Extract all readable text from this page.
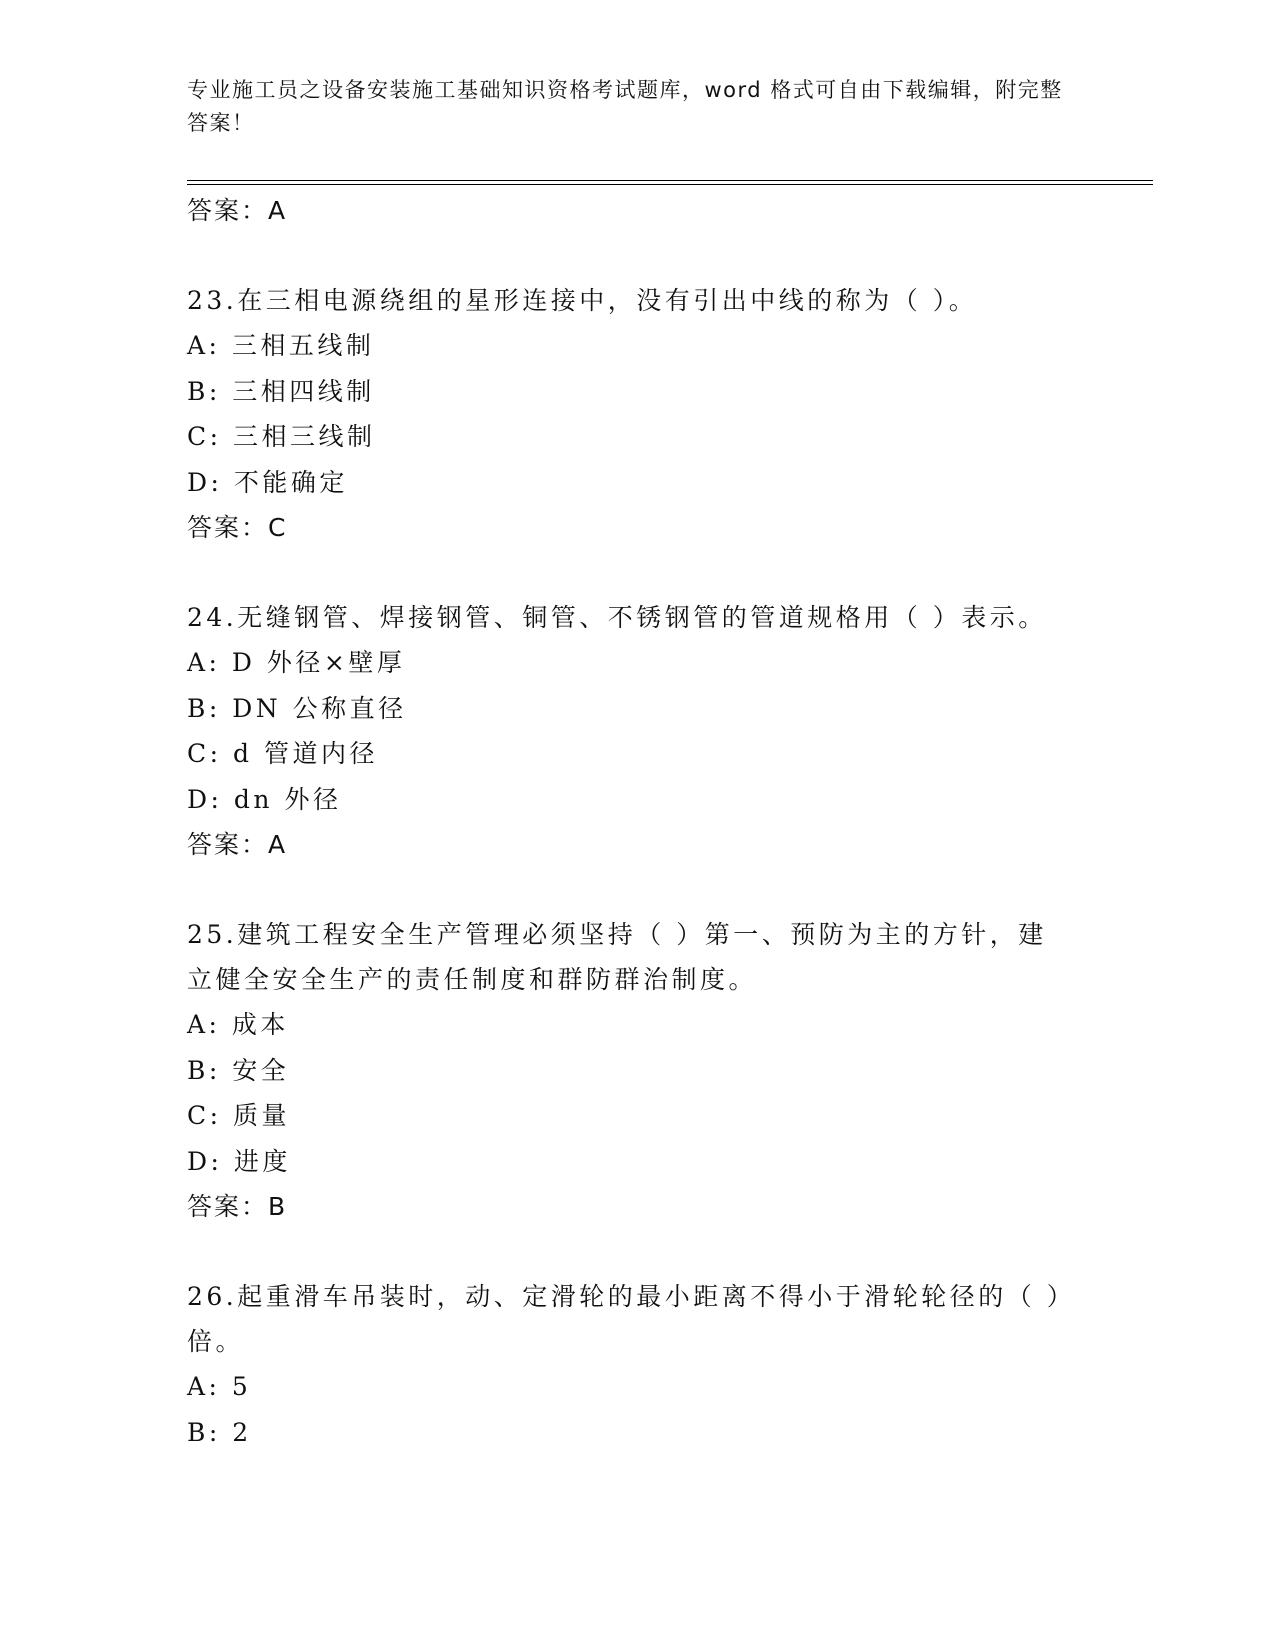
专业施工员之设备安装施工基础知识资格考试题库，word 格式可自由下载编辑，附完整答案！
答案：A
23.在三相电源绕组的星形连接中，没有引出中线的称为（ ）。
A: 三相五线制
B: 三相四线制
C: 三相三线制
D: 不能确定
答案：C
24.无缝钢管、焊接钢管、铜管、不锈钢管的管道规格用（ ）表示。
A: D 外径×壁厚
B: DN 公称直径
C: d 管道内径
D: dn 外径
答案：A
25.建筑工程安全生产管理必须坚持（ ）第一、预防为主的方针，建立健全安全生产的责任制度和群防群治制度。
A: 成本
B: 安全
C: 质量
D: 进度
答案：B
26.起重滑车吊装时，动、定滑轮的最小距离不得小于滑轮轮径的（ ）倍。
A: 5
B: 2
